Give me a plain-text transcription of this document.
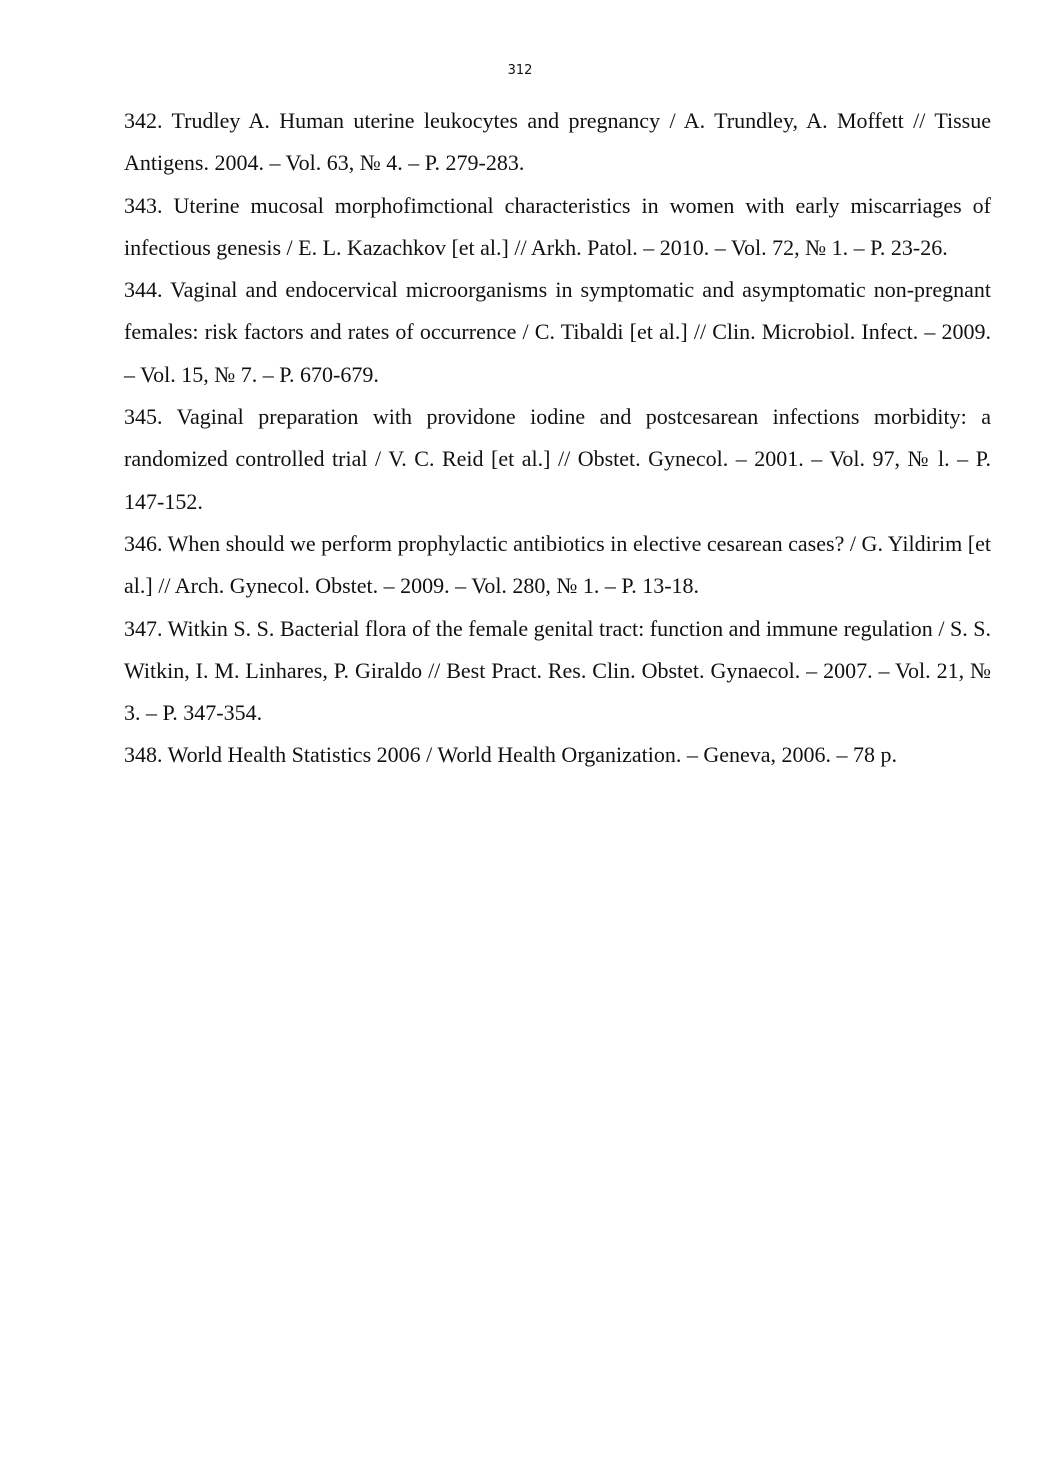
312

342. Trudley A. Human uterine leukocytes and pregnancy / A. Trundley, A. Moffett // Tissue Antigens. 2004. – Vol. 63, № 4. – P. 279-283.

343. Uterine mucosal morphofimctional characteristics in women with early miscarriages of infectious genesis / E. L. Kazachkov [et al.] // Arkh. Patol. – 2010. – Vol. 72, № 1. – P. 23-26.

344. Vaginal and endocervical microorganisms in symptomatic and asymptomatic non-pregnant females: risk factors and rates of occurrence / C. Tibaldi [et al.] // Clin. Microbiol. Infect. – 2009. – Vol. 15, № 7. – P. 670-679.

345. Vaginal preparation with providone iodine and postcesarean infections morbidity: a randomized controlled trial / V. C. Reid [et al.] // Obstet. Gynecol. – 2001. – Vol. 97, № l. – P. 147-152.

346. When should we perform prophylactic antibiotics in elective cesarean cases? / G. Yildirim [et al.] // Arch. Gynecol. Obstet. – 2009. – Vol. 280, № 1. – P. 13-18.

347. Witkin S. S. Bacterial flora of the female genital tract: function and immune regulation / S. S. Witkin, I. M. Linhares, P. Giraldo // Best Pract. Res. Clin. Obstet. Gynaecol. – 2007. – Vol. 21, № 3. – P. 347-354.

348. World Health Statistics 2006 / World Health Organization. – Geneva, 2006. – 78 p.
